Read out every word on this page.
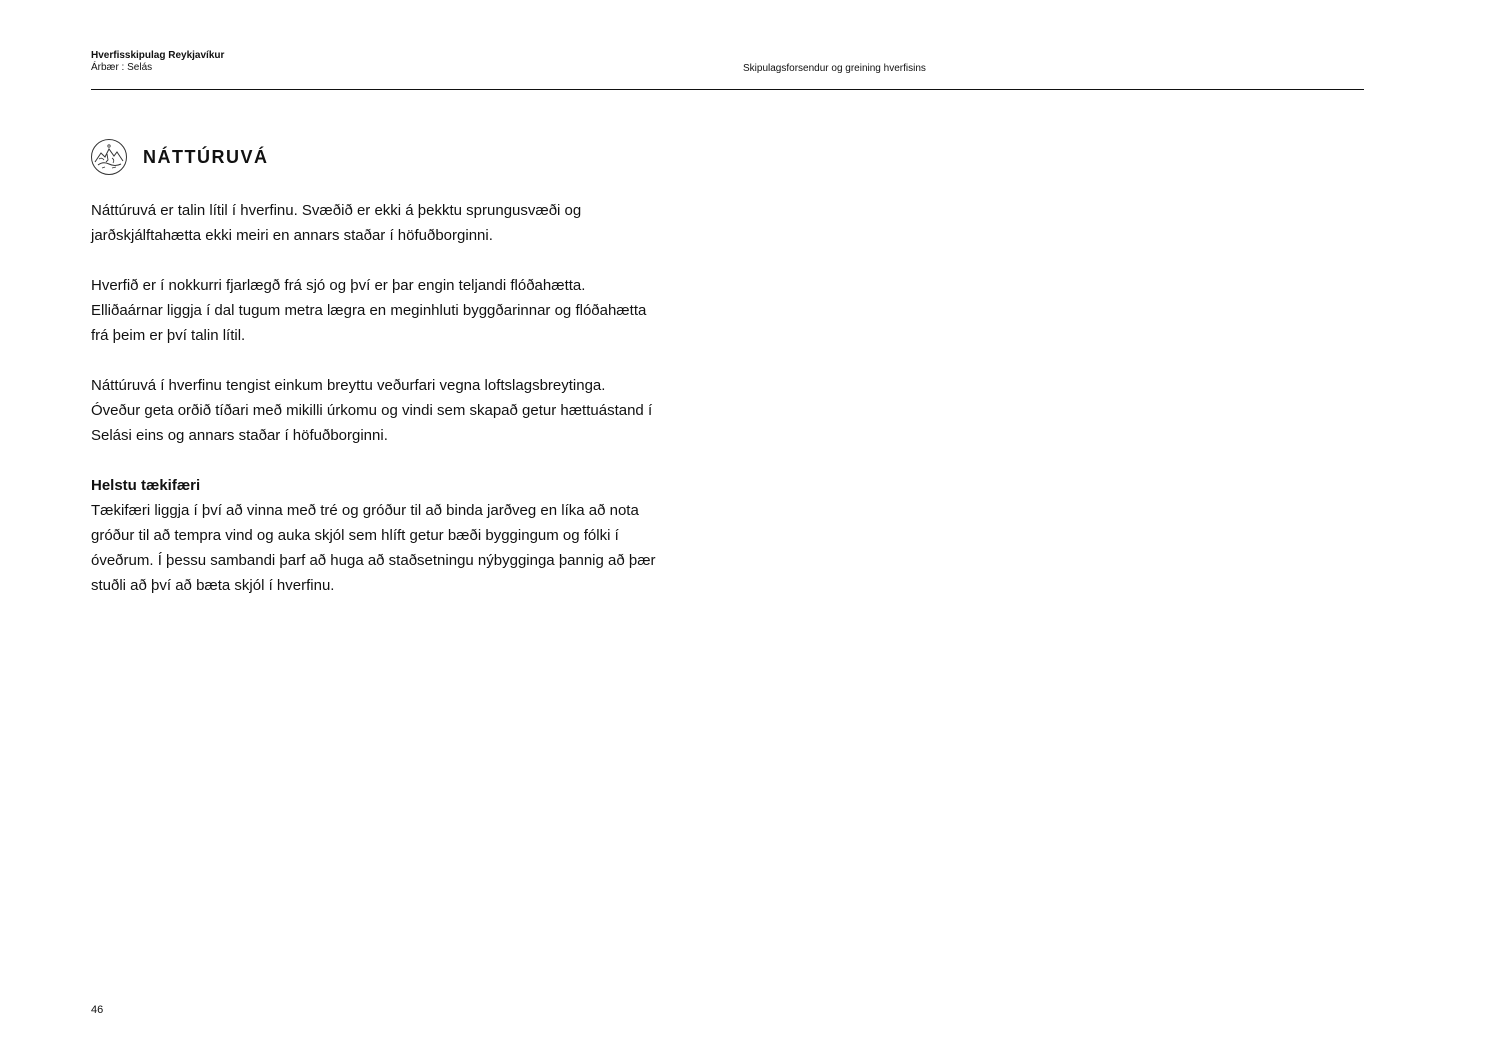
Hverfisskipulag Reykjavíkur
Árbær : Selás	Skipulagsforsendur og greining hverfisins
NÁTTÚRUVÁ

Náttúruvá er talin lítil í hverfinu. Svæðið er ekki á þekktu sprungusvæði og
jarðskjálftahætta ekki meiri en annars staðar í höfuðborginni.

Hverfið er í nokkurri fjarlægð frá sjó og því er þar engin teljandi flóðahætta.
Elliðaárnar liggja í dal tugum metra lægra en meginhluti byggðarinnar og flóðahætta
frá þeim er því talin lítil.

Náttúruvá í hverfinu tengist einkum breyttu veðurfari vegna loftslagsbreytinga.
Óveður geta orðið tíðari með mikilli úrkomu og vindi sem skapað getur hættuástand í
Selási eins og annars staðar í höfuðborginni.

Helstu tækifæri
Tækifæri liggja í því að vinna með tré og gróður til að binda jarðveg en líka að nota
gróður til að tempra vind og auka skjól sem hlíft getur bæði byggingum og fólki í
óveðrum. Í þessu sambandi þarf að huga að staðsetningu nýbygginga þannig að þær
stuðli að því að bæta skjól í hverfinu.

46
